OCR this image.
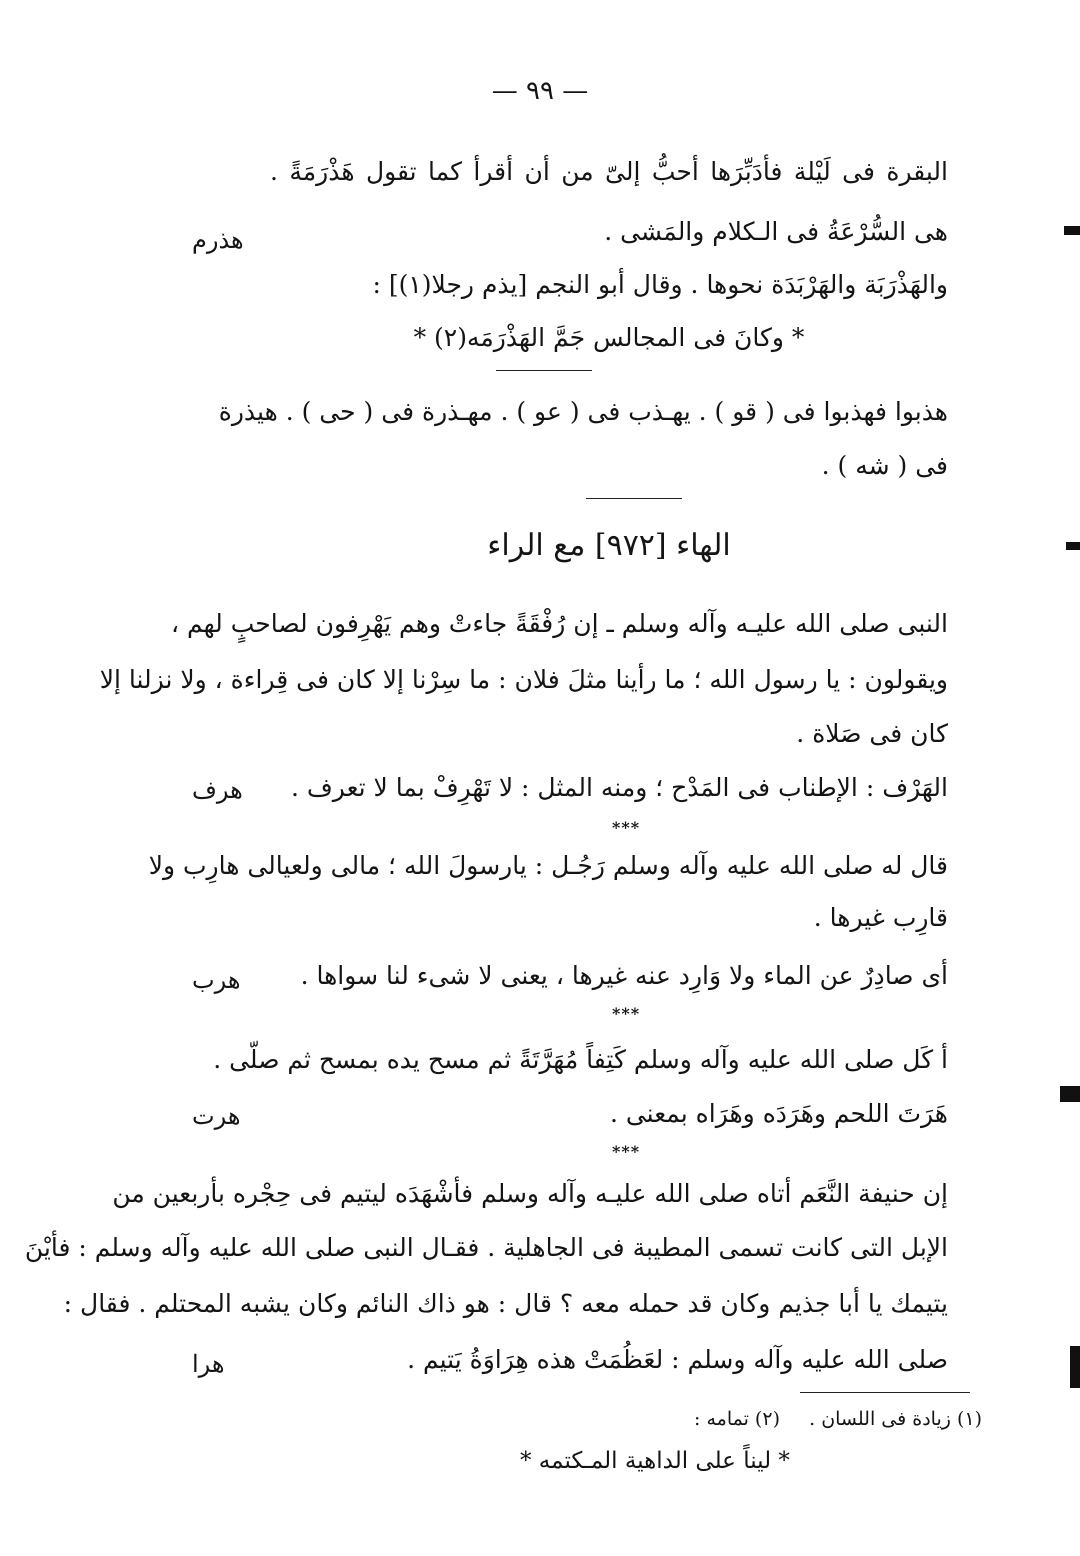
— ٩٩ —
البقرة فى لَيْلة فأدَبِّرَها أحبُّ إلىّ من أن أقرأ كما تقول هَذْرَمَةً .
هى السُّرْعَةُ فى الـكلام والمَشى .
هذرم
والهَذْرَبَة والهَرْبَدَة نحوها . وقال أبو النجم [يذم رجلا(١)] :
* وكانَ فى المجالس جَمَّ الهَذْرَمَه(٢) *
هذبوا فهذبوا فى ( قو ) . يهـذب فى ( عو ) . مهـذرة فى ( حى ) . هيذرة
فى ( شه ) .
الهاء [٩٧٢] مع الراء
النبى صلى الله عليـه وآله وسلم ـ إن رُفْقَةً جاءتْ وهم يَهْرِفون لصاحبٍ لهم ،
ويقولون : يا رسول الله ؛ ما رأينا مثلَ فلان : ما سِرْنا إلا كان فى قِراءة ، ولا نزلنا إلا
كان فى صَلاة .
الهَرْف : الإطناب فى المَدْح ؛ ومنه المثل : لا تَهْرِفْ بما لا تعرف .
هرف
***
قال له صلى الله عليه وآله وسلم رَجُـل : يارسولَ الله ؛ مالى ولعيالى هارِب ولا
قارِب غيرها .
أى صادِرٌ عن الماء ولا وَارِد عنه غيرها ، يعنى لا شىء لنا سواها .
هرب
***
أ كَل صلى الله عليه وآله وسلم كَتِفاً مُهَرَّتَةً ثم مسح يده بمسح ثم صلّى .
هَرَتَ اللحم وهَرَدَه وهَرَاه بمعنى .
هرت
***
إن حنيفة النَّعَم أتاه صلى الله عليـه وآله وسلم فأشْهَدَه ليتيم فى حِجْره بأربعين من
الإبل التى كانت تسمى المطيبة فى الجاهلية . فقـال النبى صلى الله عليه وآله وسلم : فأيْنَ
يتيمك يا أبا جذيم وكان قد حمله معه ؟ قال : هو ذاك النائم وكان يشبه المحتلم . فقال :
صلى الله عليه وآله وسلم : لعَظُمَتْ هذه هِرَاوَةُ يَتيم .
هرا
(١) زيادة فى اللسان .
(٢) تمامه :
* ليناً على الداهية المـكتمه *
